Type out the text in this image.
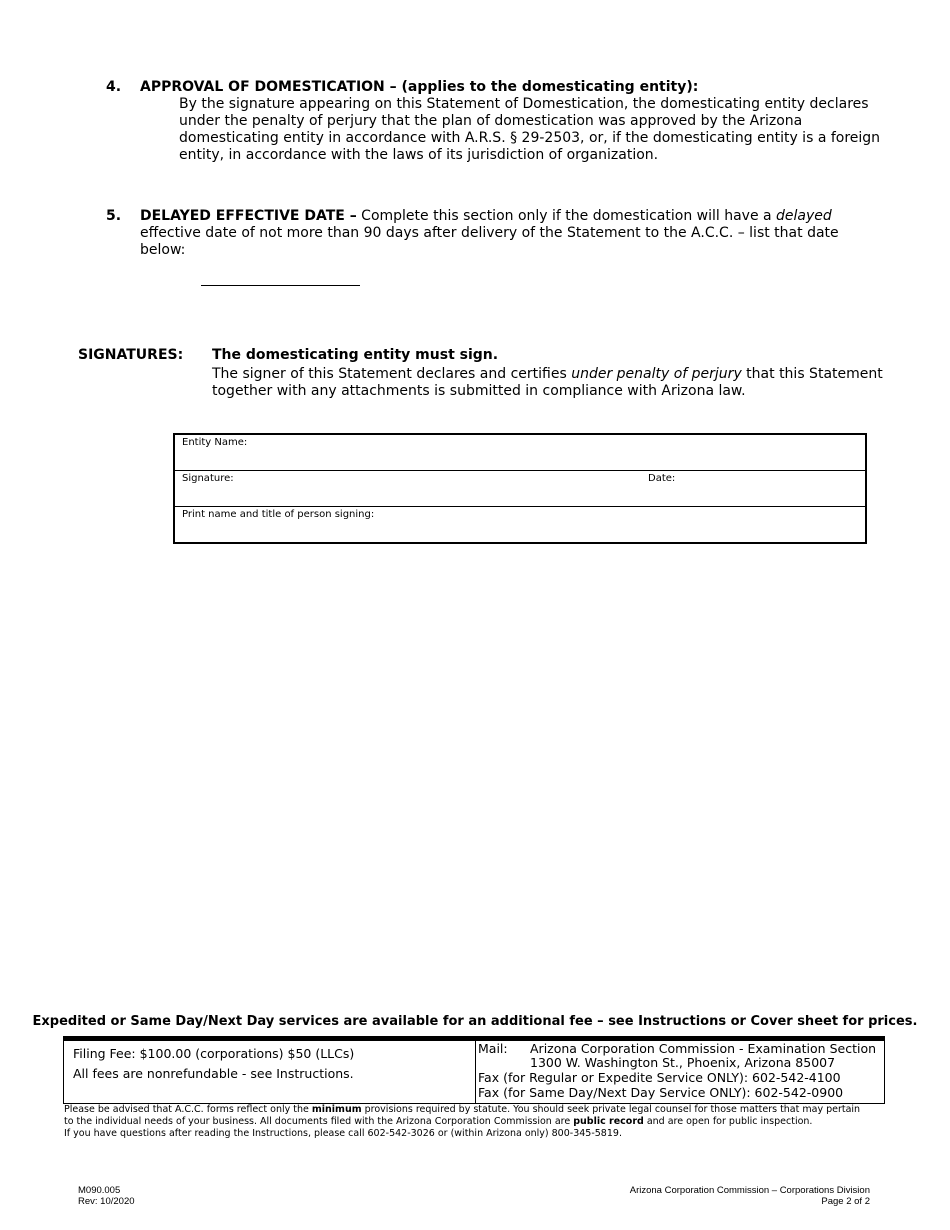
4. APPROVAL OF DOMESTICATION – (applies to the domesticating entity):
By the signature appearing on this Statement of Domestication, the domesticating entity declares under the penalty of perjury that the plan of domestication was approved by the Arizona domesticating entity in accordance with A.R.S. § 29-2503, or, if the domesticating entity is a foreign entity, in accordance with the laws of its jurisdiction of organization.
5. DELAYED EFFECTIVE DATE – Complete this section only if the domestication will have a delayed effective date of not more than 90 days after delivery of the Statement to the A.C.C. – list that date below:
SIGNATURES: The domesticating entity must sign.
The signer of this Statement declares and certifies under penalty of perjury that this Statement together with any attachments is submitted in compliance with Arizona law.
Entity Name:
Signature:	Date:
Print name and title of person signing:
Expedited or Same Day/Next Day services are available for an additional fee – see Instructions or Cover sheet for prices.
Filing Fee: $100.00 (corporations) $50 (LLCs)
All fees are nonrefundable - see Instructions.
Mail: Arizona Corporation Commission - Examination Section
1300 W. Washington St., Phoenix, Arizona 85007
Fax (for Regular or Expedite Service ONLY): 602-542-4100
Fax (for Same Day/Next Day Service ONLY): 602-542-0900
Please be advised that A.C.C. forms reflect only the minimum provisions required by statute. You should seek private legal counsel for those matters that may pertain
to the individual needs of your business. All documents filed with the Arizona Corporation Commission are public record and are open for public inspection.
If you have questions after reading the Instructions, please call 602-542-3026 or (within Arizona only) 800-345-5819.
M090.005
Rev: 10/2020
Arizona Corporation Commission – Corporations Division
Page 2 of 2
